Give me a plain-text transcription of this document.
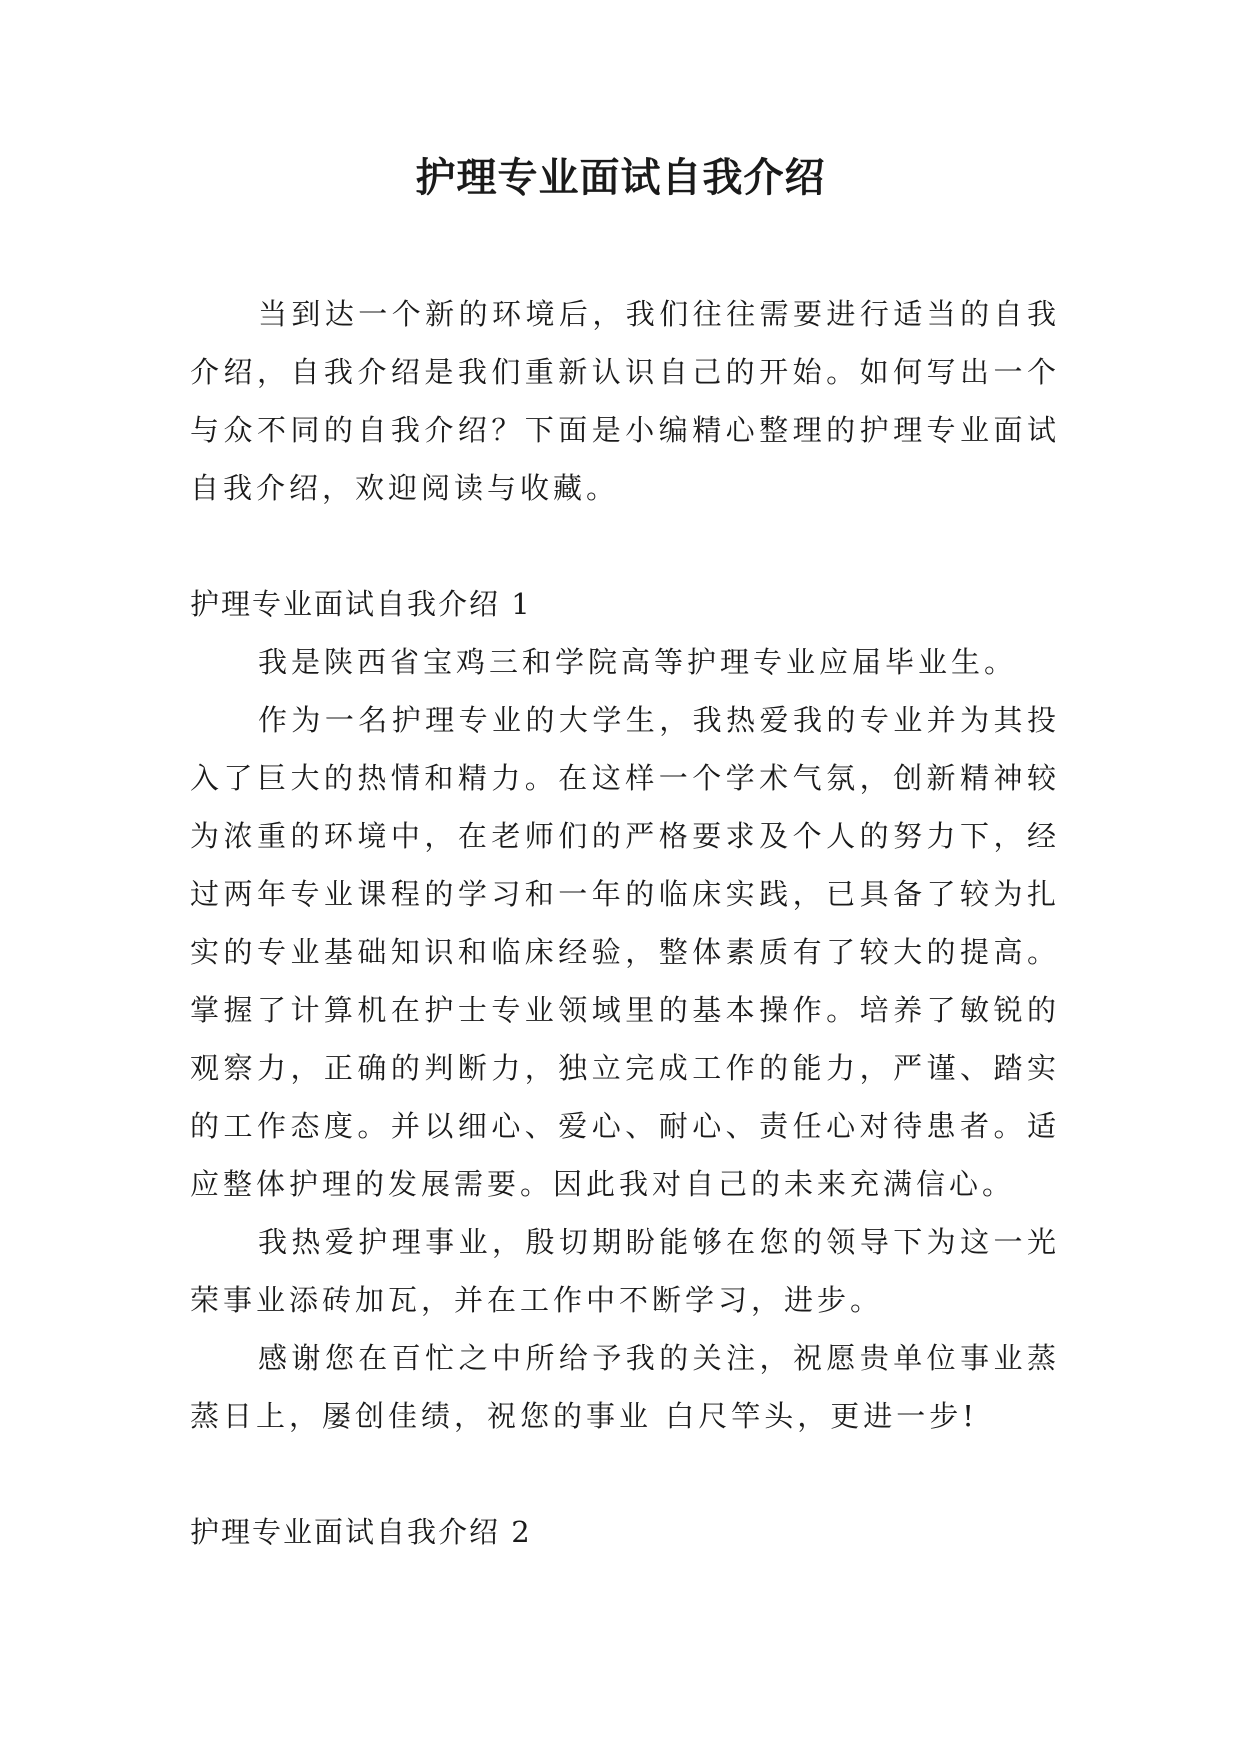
护理专业面试自我介绍

当到达一个新的环境后，我们往往需要进行适当的自我介绍，自我介绍是我们重新认识自己的开始。如何写出一个与众不同的自我介绍？下面是小编精心整理的护理专业面试自我介绍，欢迎阅读与收藏。

护理专业面试自我介绍 1

我是陕西省宝鸡三和学院高等护理专业应届毕业生。

作为一名护理专业的大学生，我热爱我的专业并为其投入了巨大的热情和精力。在这样一个学术气氛，创新精神较为浓重的环境中，在老师们的严格要求及个人的努力下，经过两年专业课程的学习和一年的临床实践，已具备了较为扎实的专业基础知识和临床经验，整体素质有了较大的提高。掌握了计算机在护士专业领域里的基本操作。培养了敏锐的观察力，正确的判断力，独立完成工作的能力，严谨、踏实的工作态度。并以细心、爱心、耐心、责任心对待患者。适应整体护理的发展需要。因此我对自己的未来充满信心。

我热爱护理事业，殷切期盼能够在您的领导下为这一光荣事业添砖加瓦，并在工作中不断学习，进步。

感谢您在百忙之中所给予我的关注，祝愿贵单位事业蒸蒸日上，屡创佳绩，祝您的事业 白尺竿头，更进一步!

护理专业面试自我介绍 2
